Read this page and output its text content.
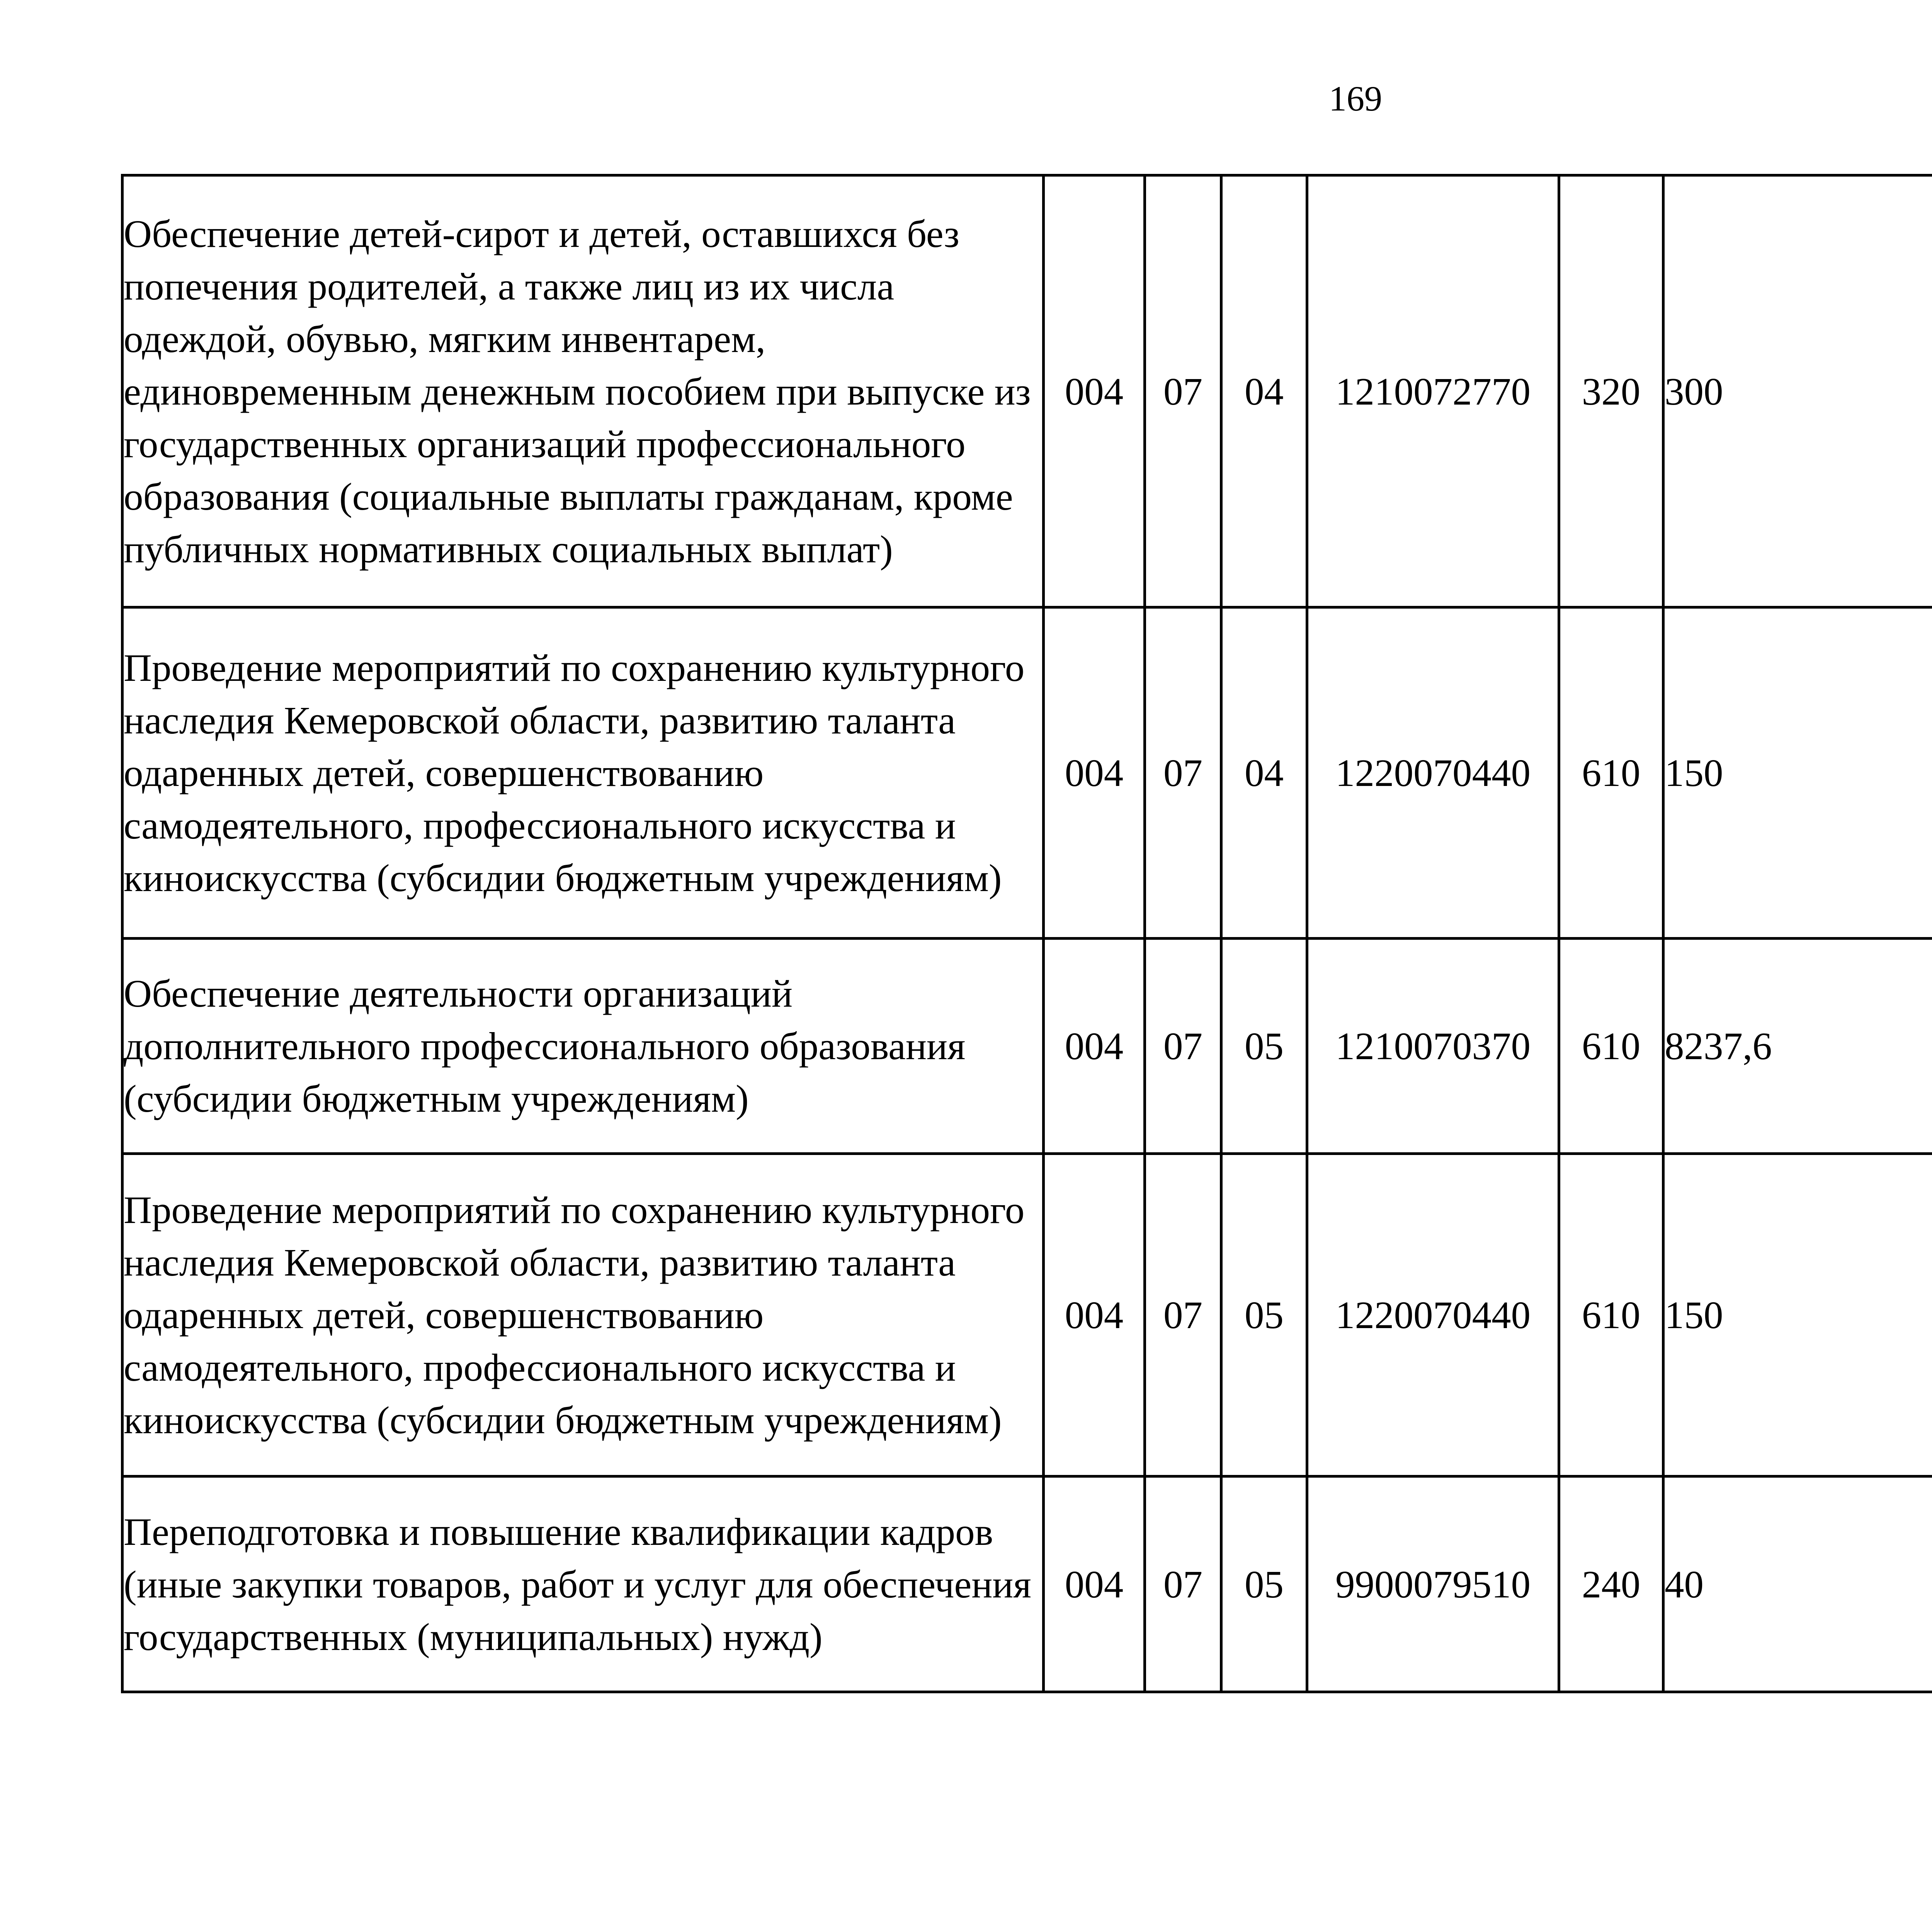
169
Обеспечение детей-сирот и детей, оставшихся без попечения родителей, а также лиц из их числа одеждой, обувью, мягким инвентарем, единовременным денежным пособием при выпуске из государственных организаций профессионального образования (социальные выплаты гражданам, кроме публичных нормативных социальных выплат)	004	07	04	1210072770	320	300		
Проведение мероприятий по сохранению культурного наследия Кемеровской области, развитию таланта одаренных детей, совершенствованию самодеятельного, профессионального искусства и киноискусства (субсидии бюджетным учреждениям)	004	07	04	1220070440	610	150		
Обеспечение деятельности организаций дополнительного профессионального образования (субсидии бюджетным учреждениям)	004	07	05	1210070370	610	8237,6		
Проведение мероприятий по сохранению культурного наследия Кемеровской области, развитию таланта одаренных детей, совершенствованию самодеятельного, профессионального искусства и киноискусства (субсидии бюджетным учреждениям)	004	07	05	1220070440	610	150		
Переподготовка и повышение квалификации кадров (иные закупки товаров, работ и услуг для обеспечения государственных (муниципальных) нужд)	004	07	05	9900079510	240	40		
